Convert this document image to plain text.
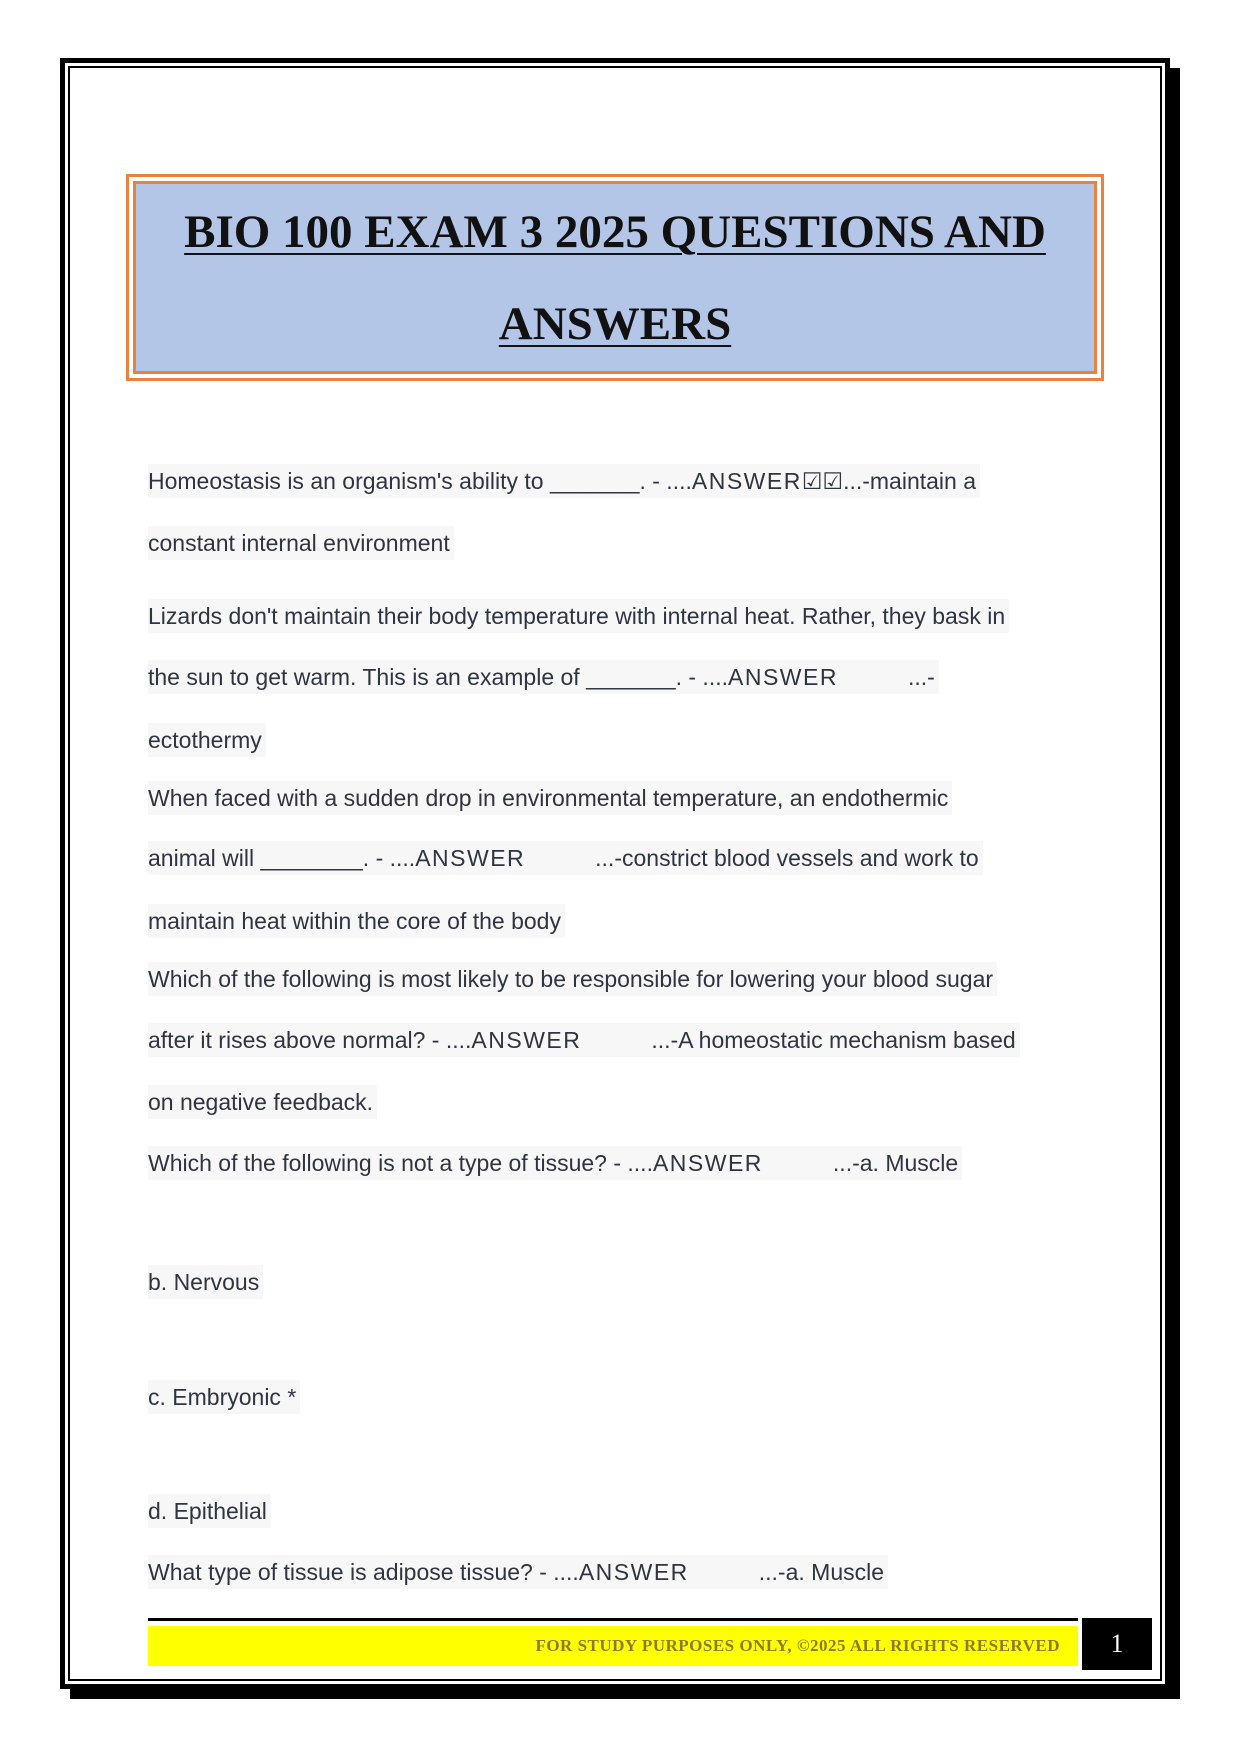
BIO 100 EXAM 3 2025 QUESTIONS AND ANSWERS
Homeostasis is an organism's ability to _______. - ....ANSWER☑☑...-maintain a
constant internal environment
Lizards don't maintain their body temperature with internal heat. Rather, they bask in
the sun to get warm. This is an example of _______. - ....ANSWER	...-
ectothermy
When faced with a sudden drop in environmental temperature, an endothermic
animal will ________. - ....ANSWER	...-constrict blood vessels and work to
maintain heat within the core of the body
Which of the following is most likely to be responsible for lowering your blood sugar
after it rises above normal? - ....ANSWER	...-A homeostatic mechanism based
on negative feedback.
Which of the following is not a type of tissue? - ....ANSWER	...-a. Muscle
b. Nervous
c. Embryonic *
d. Epithelial
What type of tissue is adipose tissue? - ....ANSWER	...-a. Muscle
FOR STUDY PURPOSES ONLY, ©2025 ALL RIGHTS RESERVED	1
